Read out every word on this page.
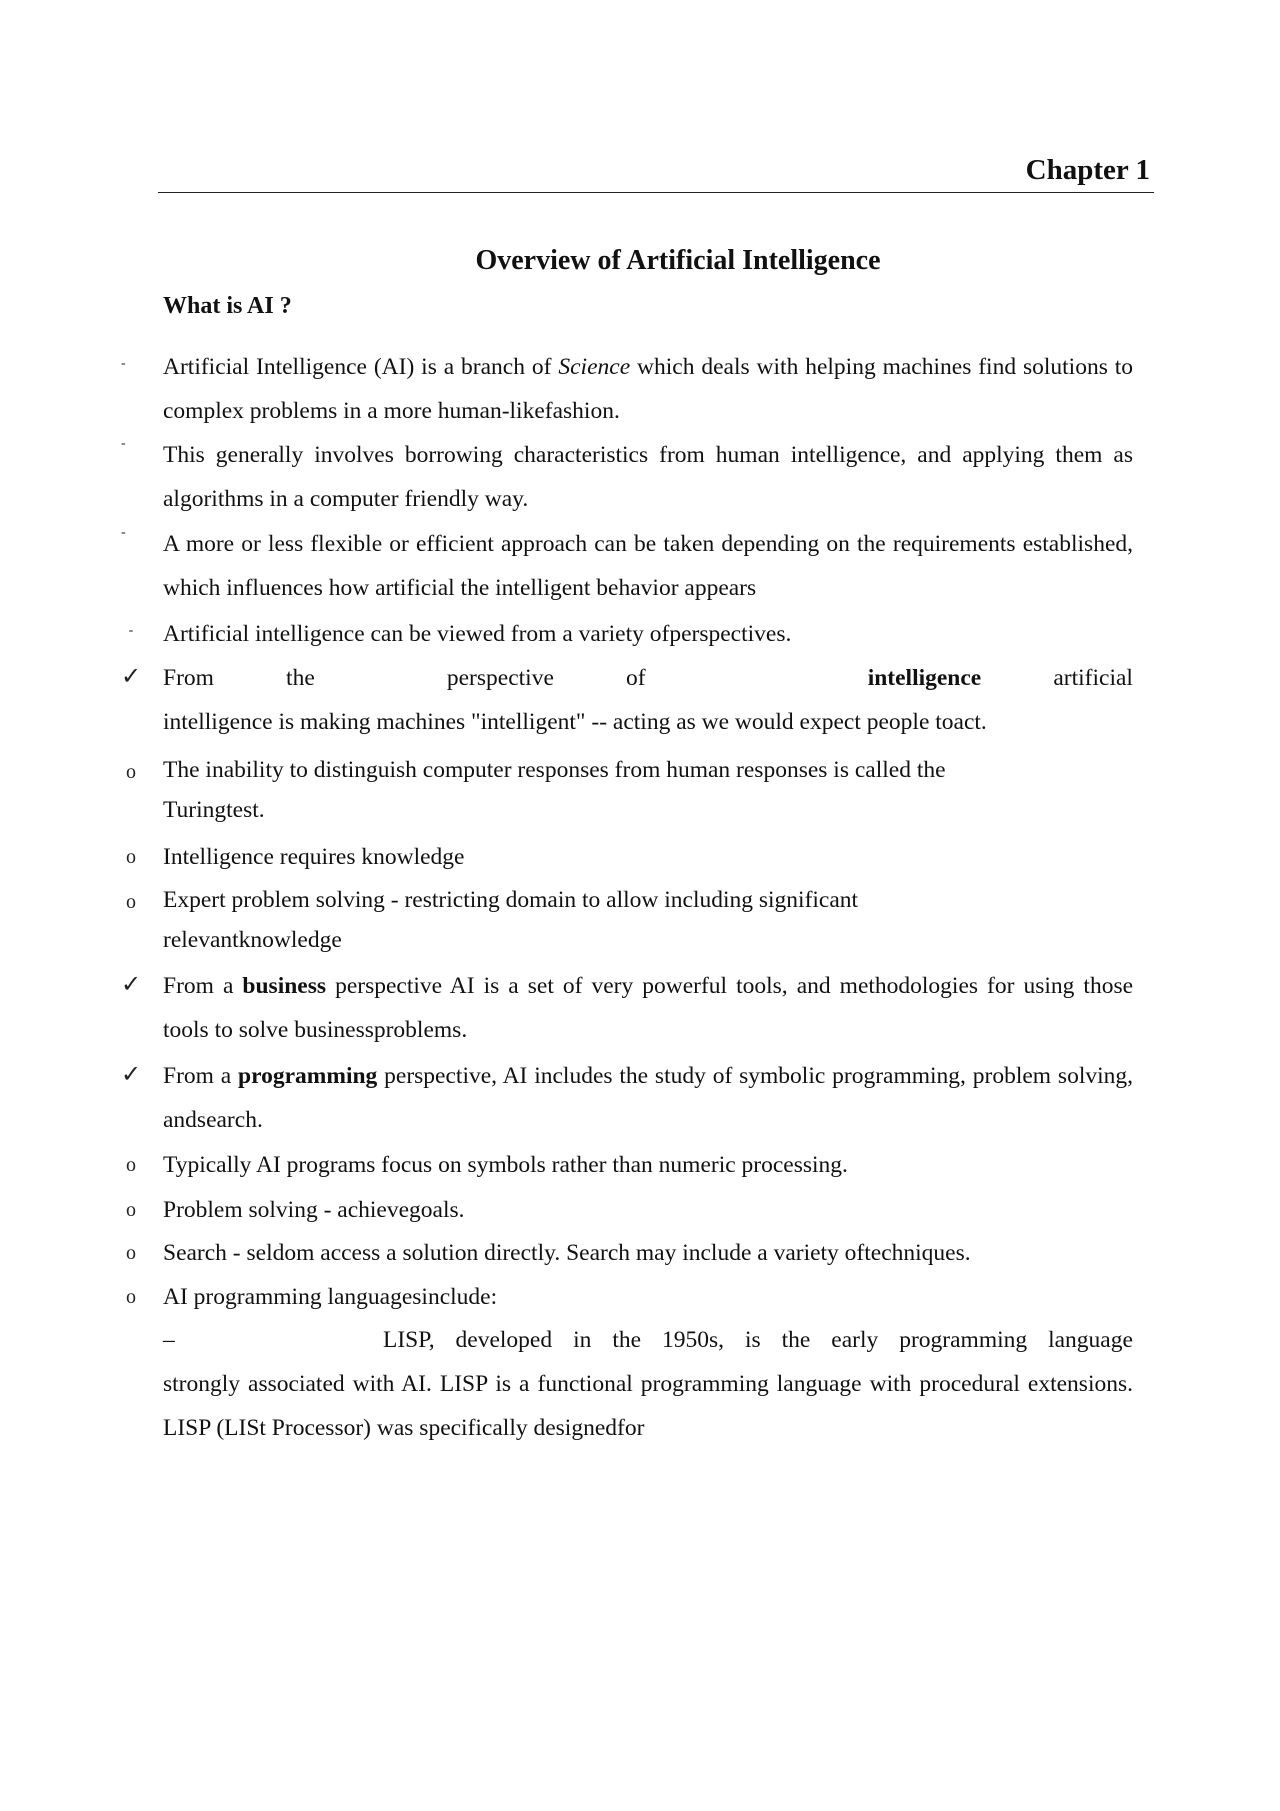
Chapter 1
Overview of Artificial Intelligence
What is AI ?
-	Artificial Intelligence (AI) is a branch of Science which deals with helping machines find solutions to complex problems in a more human-likefashion.
-	This generally involves borrowing characteristics from human intelligence, and applying them as algorithms in a computer friendly way.
-	A more or less flexible or efficient approach can be taken depending on the requirements established, which influences how artificial the intelligent behavior appears
-	Artificial intelligence can be viewed from a variety ofperspectives.
✓ From	the	perspective	of	intelligence	artificial
intelligence is making machines "intelligent" -- acting as we would expect people toact.
o The inability to distinguish computer responses from human responses is called the
Turingtest.
o Intelligence requires knowledge
o Expert problem solving - restricting domain to allow including significant
relevantknowledge
✓ From a business perspective AI is a set of very powerful tools, and methodologies for using those tools to solve businessproblems.
✓ From a programming perspective, AI includes the study of symbolic programming, problem solving, andsearch.
o Typically AI programs focus on symbols rather than numeric processing.
o Problem solving - achievegoals.
o Search - seldom access a solution directly. Search may include a variety oftechniques.
o AI programming languagesinclude:
–	LISP, developed in the 1950s, is the early programming language
strongly associated with AI. LISP is a functional programming language with procedural extensions. LISP (LISt Processor) was specifically designedfor
